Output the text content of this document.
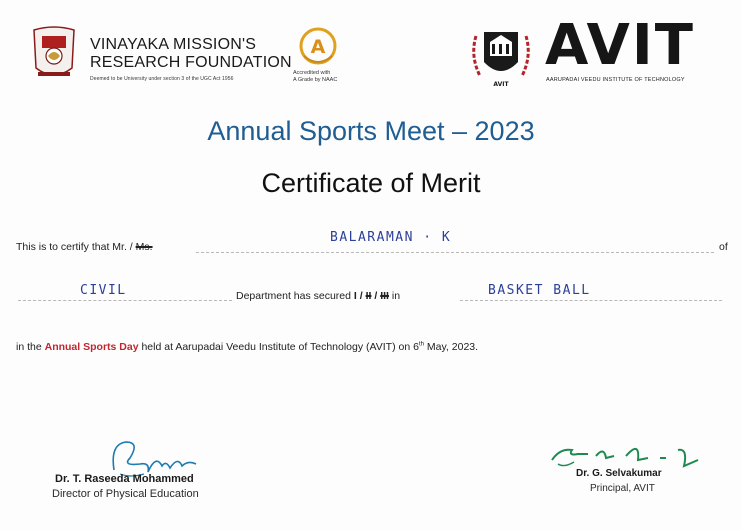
VINAYAKA MISSION'S
RESEARCH FOUNDATION
Deemed to be University under section 3 of the UGC Act 1956
A
Accredited with
A Grade by NAAC
AVIT
AVIT
AARUPADAI VEEDU INSTITUTE OF TECHNOLOGY
Annual Sports Meet – 2023
Certificate of Merit
This is to certify that Mr. / Ms.
BALARAMAN · K
of
CIVIL	Department has secured I / II / III in	BASKET BALL
in the Annual Sports Day held at Aarupadai Veedu Institute of Technology (AVIT) on 6th May, 2023.
Dr. T. Raseeda Mohammed
Director of Physical Education
Dr. G. Selvakumar
Principal, AVIT
